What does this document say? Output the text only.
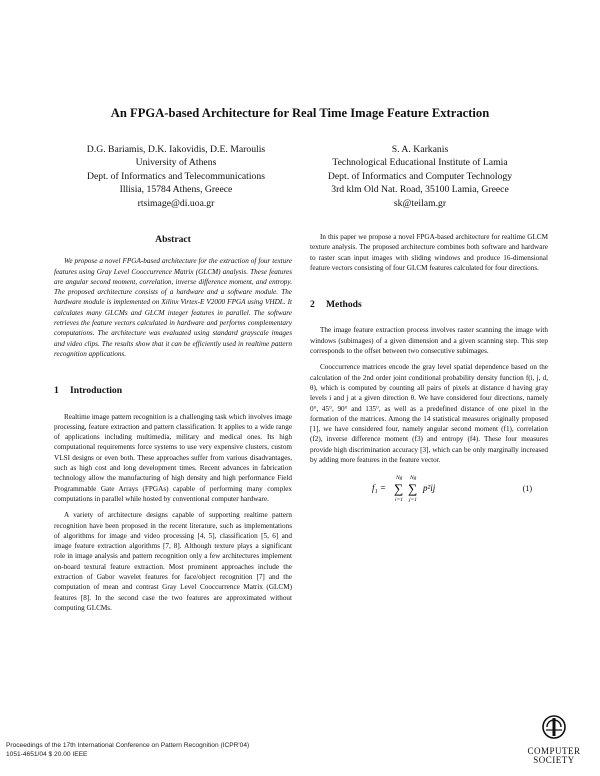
An FPGA-based Architecture for Real Time Image Feature Extraction
D.G. Bariamis, D.K. Iakovidis, D.E. Maroulis
University of Athens
Dept. of Informatics and Telecommunications
Illisia, 15784 Athens, Greece
rtsimage@di.uoa.gr
S. A. Karkanis
Technological Educational Institute of Lamia
Dept. of Informatics and Computer Technology
3rd klm Old Nat. Road, 35100 Lamia, Greece
sk@teilam.gr
Abstract

We propose a novel FPGA-based architecture for the extraction of four texture features using Gray Level Cooccurrence Matrix (GLCM) analysis. These features are angular second moment, correlation, inverse difference moment, and entropy. The proposed architecture consists of a hardware and a software module. The hardware module is implemented on Xilinx Virtex-E V2000 FPGA using VHDL. It calculates many GLCMs and GLCM integer features in parallel. The software retrieves the feature vectors calculated in hardware and performs complementary computations. The architecture was evaluated using standard grayscale images and video clips. The results show that it can be efficiently used in realtime pattern recognition applications.

1 Introduction

Realtime image pattern recognition is a challenging task which involves image processing, feature extraction and pattern classification. It applies to a wide range of applications including multimedia, military and medical ones. Its high computational requirements force systems to use very expensive clusters, custom VLSI designs or even both. These approaches suffer from various disadvantages, such as high cost and long development times. Recent advances in fabrication technology allow the manufacturing of high density and high performance Field Programmable Gate Arrays (FPGAs) capable of performing many complex computations in parallel while hosted by conventional computer hardware.

A variety of architecture designs capable of supporting realtime pattern recognition have been proposed in the recent literature, such as implementations of algorithms for image and video processing [4, 5], classification [5, 6] and image feature extraction algorithms [7, 8]. Although texture plays a significant role in image analysis and pattern recognition only a few architectures implement on-board textural feature extraction. Most prominent approaches include the extraction of Gabor wavelet features for face/object recognition [7] and the computation of mean and contrast Gray Level Cooccurrence Matrix (GLCM) features [8]. In the second case the two features are approximated without computing GLCMs.

In this paper we propose a novel FPGA-based architecture for realtime GLCM texture analysis. The proposed architecture combines both software and hardware to raster scan input images with sliding windows and produce 16-dimensional feature vectors consisting of four GLCM features calculated for four directions.

2 Methods

The image feature extraction process involves raster scanning the image with windows (subimages) of a given dimension and a given scanning step. This step corresponds to the offset between two consecutive subimages.

Cooccurrence matrices encode the gray level spatial dependence based on the calculation of the 2nd order joint conditional probability density function f(i, j, d, θ), which is computed by counting all pairs of pixels at distance d having gray levels i and j at a given direction θ. We have considered four directions, namely 0°, 45°, 90° and 135°, as well as a predefined distance of one pixel in the formation of the matrices. Among the 14 statistical measures originally proposed [1], we have considered four, namely angular second moment (f1), correlation (f2), inverse difference moment (f3) and entropy (f4). These four measures provide high discrimination accuracy [3], which can be only marginally increased by adding more features in the feature vector.

f₁ =
Ng
∑
i=1
Ng
∑
j=1
p²ij	(1)
Proceedings of the 17th International Conference on Pattern Recognition (ICPR'04)
1051-4651/04 $ 20.00 IEEE	COMPUTER
SOCIETY
